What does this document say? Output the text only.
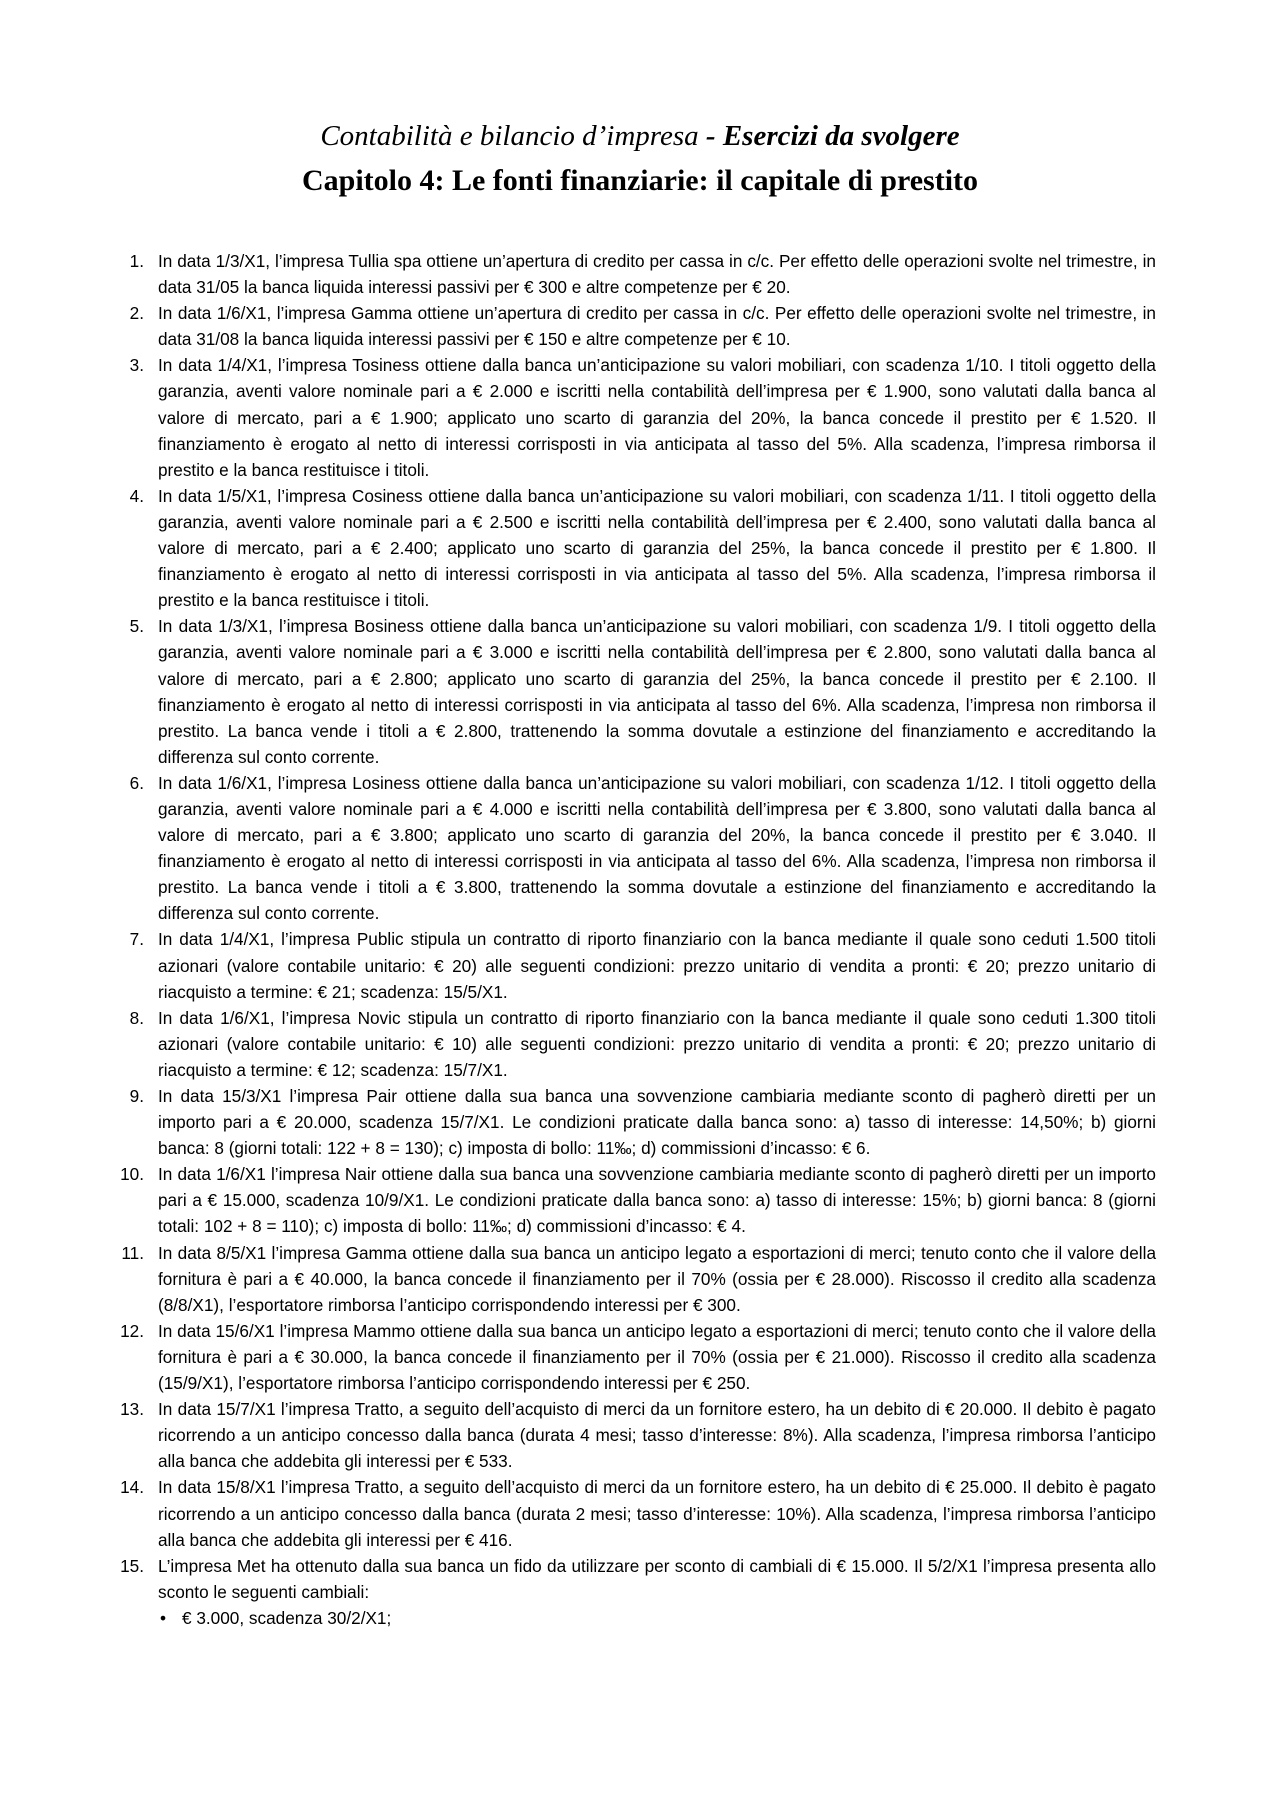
Contabilità e bilancio d’impresa - Esercizi da svolgere
Capitolo 4: Le fonti finanziarie: il capitale di prestito
1. In data 1/3/X1, l’impresa Tullia spa ottiene un’apertura di credito per cassa in c/c. Per effetto delle operazioni svolte nel trimestre, in data 31/05 la banca liquida interessi passivi per € 300 e altre competenze per € 20.
2. In data 1/6/X1, l’impresa Gamma ottiene un’apertura di credito per cassa in c/c. Per effetto delle operazioni svolte nel trimestre, in data 31/08 la banca liquida interessi passivi per € 150 e altre competenze per € 10.
3. In data 1/4/X1, l’impresa Tosiness ottiene dalla banca un’anticipazione su valori mobiliari, con scadenza 1/10. I titoli oggetto della garanzia, aventi valore nominale pari a € 2.000 e iscritti nella contabilità dell’impresa per € 1.900, sono valutati dalla banca al valore di mercato, pari a € 1.900; applicato uno scarto di garanzia del 20%, la banca concede il prestito per € 1.520. Il finanziamento è erogato al netto di interessi corrisposti in via anticipata al tasso del 5%. Alla scadenza, l’impresa rimborsa il prestito e la banca restituisce i titoli.
4. In data 1/5/X1, l’impresa Cosiness ottiene dalla banca un’anticipazione su valori mobiliari, con scadenza 1/11. I titoli oggetto della garanzia, aventi valore nominale pari a € 2.500 e iscritti nella contabilità dell’impresa per € 2.400, sono valutati dalla banca al valore di mercato, pari a € 2.400; applicato uno scarto di garanzia del 25%, la banca concede il prestito per € 1.800. Il finanziamento è erogato al netto di interessi corrisposti in via anticipata al tasso del 5%. Alla scadenza, l’impresa rimborsa il prestito e la banca restituisce i titoli.
5. In data 1/3/X1, l’impresa Bosiness ottiene dalla banca un’anticipazione su valori mobiliari, con scadenza 1/9. I titoli oggetto della garanzia, aventi valore nominale pari a € 3.000 e iscritti nella contabilità dell’impresa per € 2.800, sono valutati dalla banca al valore di mercato, pari a € 2.800; applicato uno scarto di garanzia del 25%, la banca concede il prestito per € 2.100. Il finanziamento è erogato al netto di interessi corrisposti in via anticipata al tasso del 6%. Alla scadenza, l’impresa non rimborsa il prestito. La banca vende i titoli a € 2.800, trattenendo la somma dovutale a estinzione del finanziamento e accreditando la differenza sul conto corrente.
6. In data 1/6/X1, l’impresa Losiness ottiene dalla banca un’anticipazione su valori mobiliari, con scadenza 1/12. I titoli oggetto della garanzia, aventi valore nominale pari a € 4.000 e iscritti nella contabilità dell’impresa per € 3.800, sono valutati dalla banca al valore di mercato, pari a € 3.800; applicato uno scarto di garanzia del 20%, la banca concede il prestito per € 3.040. Il finanziamento è erogato al netto di interessi corrisposti in via anticipata al tasso del 6%. Alla scadenza, l’impresa non rimborsa il prestito. La banca vende i titoli a € 3.800, trattenendo la somma dovutale a estinzione del finanziamento e accreditando la differenza sul conto corrente.
7. In data 1/4/X1, l’impresa Public stipula un contratto di riporto finanziario con la banca mediante il quale sono ceduti 1.500 titoli azionari (valore contabile unitario: € 20) alle seguenti condizioni: prezzo unitario di vendita a pronti: € 20; prezzo unitario di riacquisto a termine: € 21; scadenza: 15/5/X1.
8. In data 1/6/X1, l’impresa Novic stipula un contratto di riporto finanziario con la banca mediante il quale sono ceduti 1.300 titoli azionari (valore contabile unitario: € 10) alle seguenti condizioni: prezzo unitario di vendita a pronti: € 20; prezzo unitario di riacquisto a termine: € 12; scadenza: 15/7/X1.
9. In data 15/3/X1 l’impresa Pair ottiene dalla sua banca una sovvenzione cambiaria mediante sconto di pagherò diretti per un importo pari a € 20.000, scadenza 15/7/X1. Le condizioni praticate dalla banca sono: a) tasso di interesse: 14,50%; b) giorni banca: 8 (giorni totali: 122 + 8 = 130); c) imposta di bollo: 11‰; d) commissioni d’incasso: € 6.
10. In data 1/6/X1 l’impresa Nair ottiene dalla sua banca una sovvenzione cambiaria mediante sconto di pagherò diretti per un importo pari a € 15.000, scadenza 10/9/X1. Le condizioni praticate dalla banca sono: a) tasso di interesse: 15%; b) giorni banca: 8 (giorni totali: 102 + 8 = 110); c) imposta di bollo: 11‰; d) commissioni d’incasso: € 4.
11. In data 8/5/X1 l’impresa Gamma ottiene dalla sua banca un anticipo legato a esportazioni di merci; tenuto conto che il valore della fornitura è pari a € 40.000, la banca concede il finanziamento per il 70% (ossia per € 28.000). Riscosso il credito alla scadenza (8/8/X1), l’esportatore rimborsa l’anticipo corrispondendo interessi per € 300.
12. In data 15/6/X1 l’impresa Mammo ottiene dalla sua banca un anticipo legato a esportazioni di merci; tenuto conto che il valore della fornitura è pari a € 30.000, la banca concede il finanziamento per il 70% (ossia per € 21.000). Riscosso il credito alla scadenza (15/9/X1), l’esportatore rimborsa l’anticipo corrispondendo interessi per € 250.
13. In data 15/7/X1 l’impresa Tratto, a seguito dell’acquisto di merci da un fornitore estero, ha un debito di € 20.000. Il debito è pagato ricorrendo a un anticipo concesso dalla banca (durata 4 mesi; tasso d’interesse: 8%). Alla scadenza, l’impresa rimborsa l’anticipo alla banca che addebita gli interessi per € 533.
14. In data 15/8/X1 l’impresa Tratto, a seguito dell’acquisto di merci da un fornitore estero, ha un debito di € 25.000. Il debito è pagato ricorrendo a un anticipo concesso dalla banca (durata 2 mesi; tasso d’interesse: 10%). Alla scadenza, l’impresa rimborsa l’anticipo alla banca che addebita gli interessi per € 416.
15. L’impresa Met ha ottenuto dalla sua banca un fido da utilizzare per sconto di cambiali di € 15.000. Il 5/2/X1 l’impresa presenta allo sconto le seguenti cambiali:
• € 3.000, scadenza 30/2/X1;
